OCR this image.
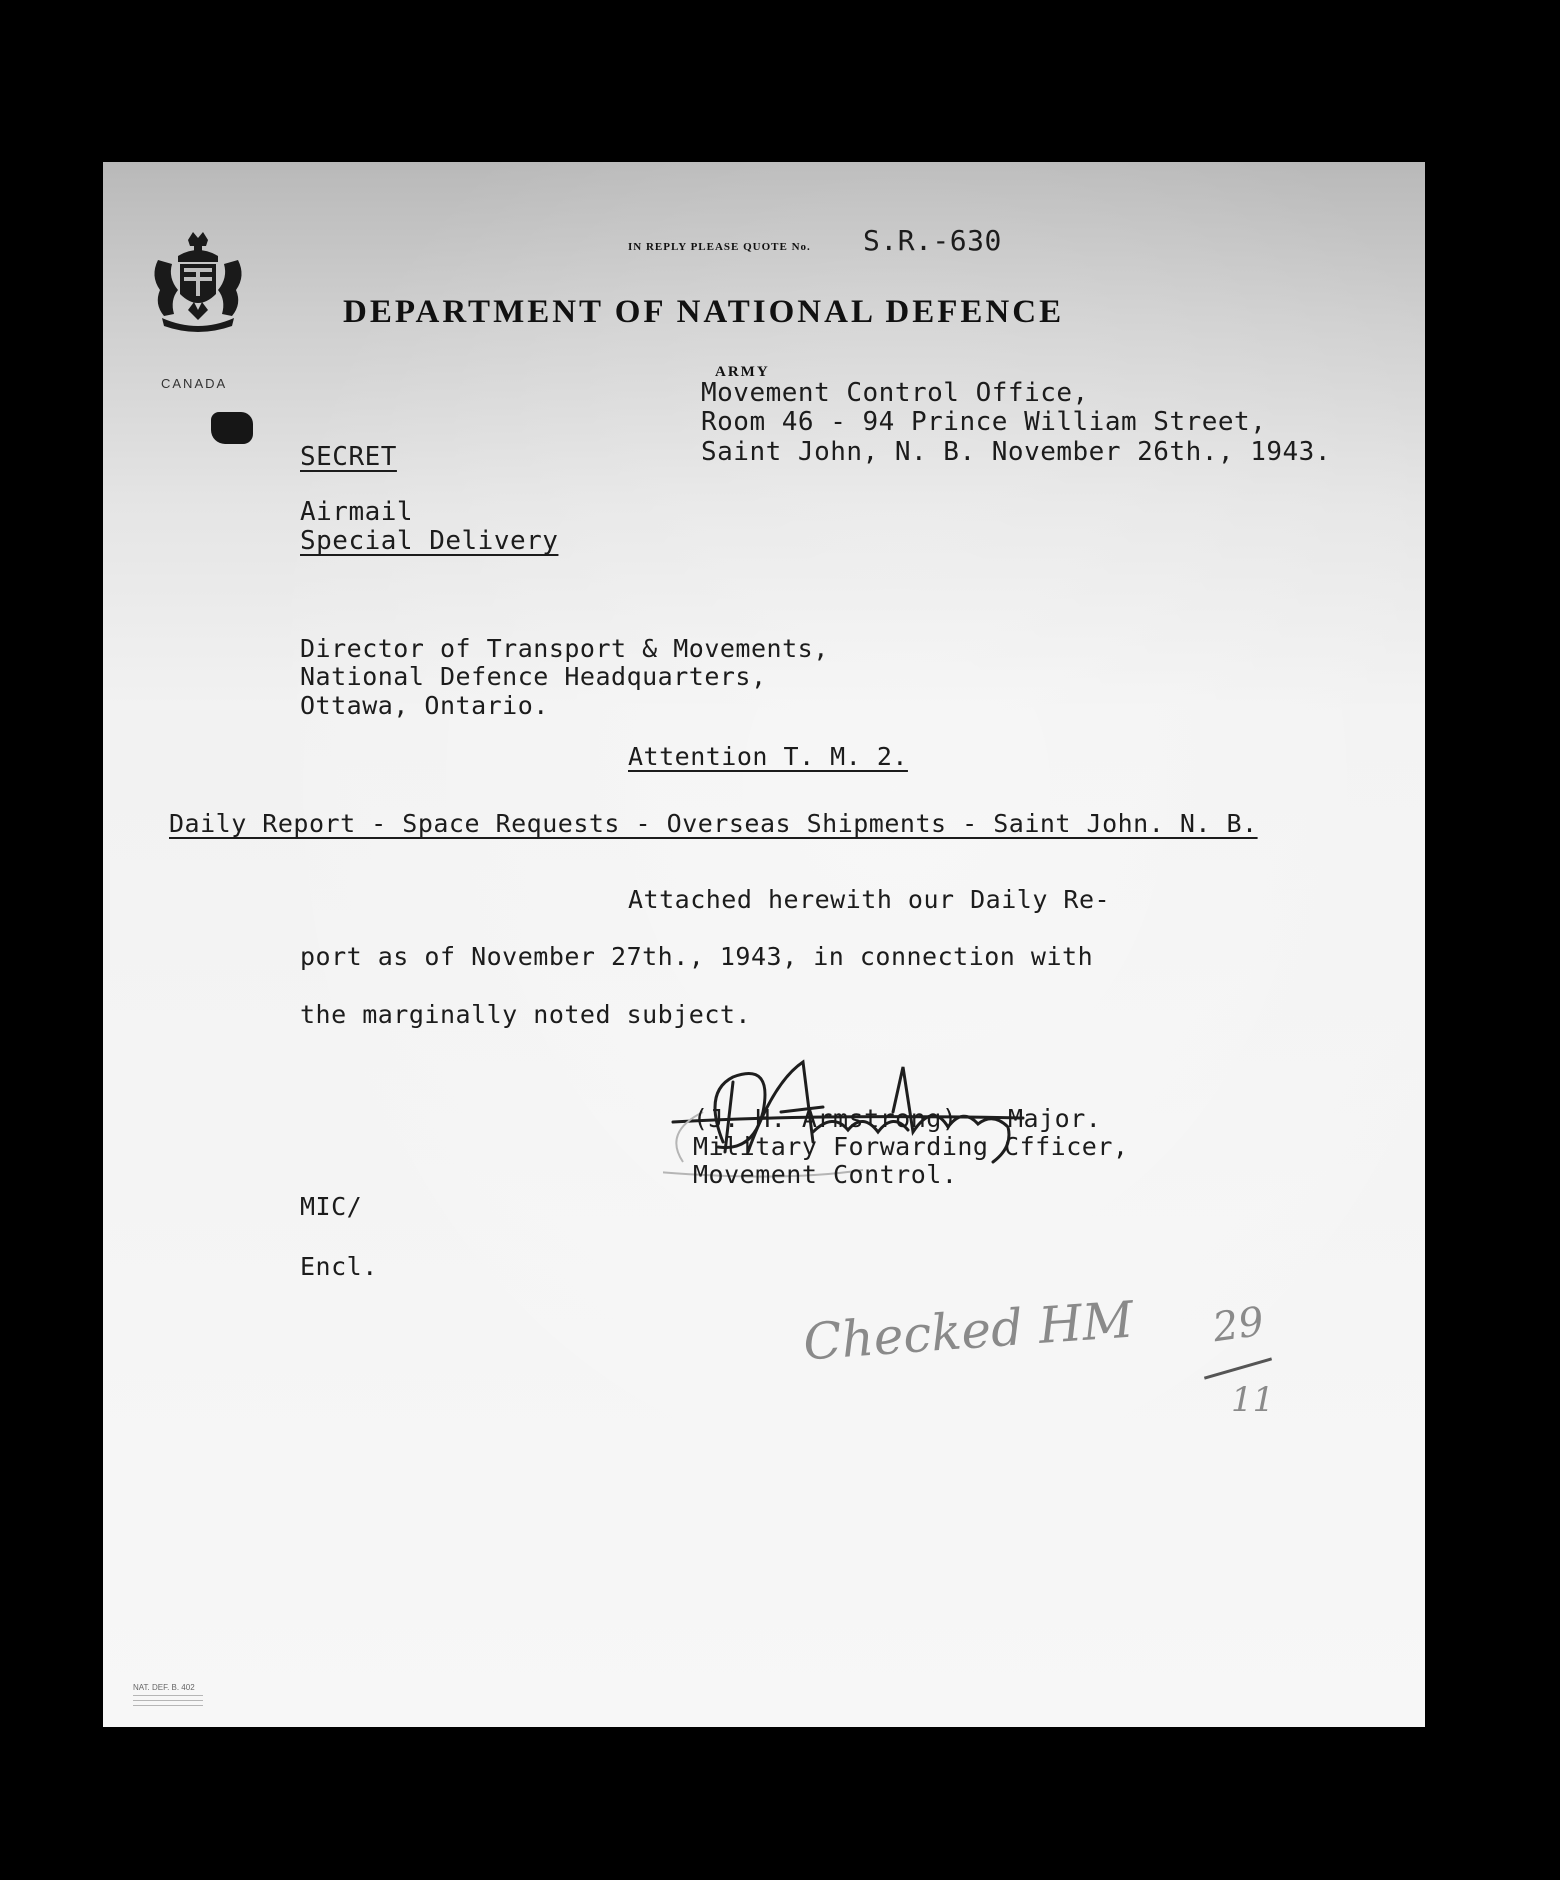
CANADA
IN REPLY PLEASE QUOTE No. S.R.-630
DEPARTMENT OF NATIONAL DEFENCE
ARMY
Movement Control Office,
Room 46 - 94 Prince William Street,
Saint John, N. B. November 26th., 1943.
SECRET
Airmail
Special Delivery
Director of Transport & Movements,
National Defence Headquarters,
Ottawa, Ontario.
Attention T. M. 2.
Daily Report - Space Requests - Overseas Shipments - Saint John. N. B.
Attached herewith our Daily Re-
port as of November 27th., 1943, in connection with
the marginally noted subject.
(J. H. Armstrong) Major.
Military Forwarding Cfficer,
Movement Control.
MIC/
Encl.
Checked HM 29
11
NAT. DEF. B. 402
